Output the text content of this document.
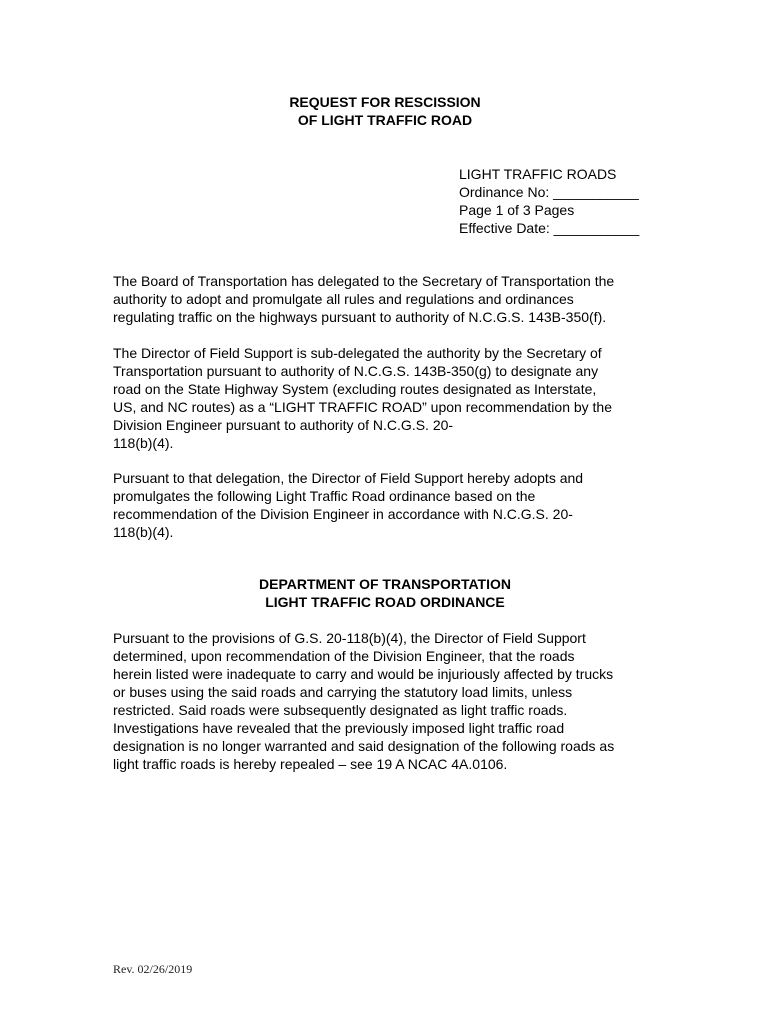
REQUEST FOR RESCISSION
OF LIGHT TRAFFIC ROAD
LIGHT TRAFFIC ROADS
Ordinance No: ___________
Page 1 of 3 Pages
Effective Date: ___________

The Board of Transportation has delegated to the Secretary of Transportation the
authority to adopt and promulgate all rules and regulations and ordinances
regulating traffic on the highways pursuant to authority of N.C.G.S. 143B-350(f).

The Director of Field Support is sub-delegated the authority by the Secretary of
Transportation pursuant to authority of N.C.G.S. 143B-350(g) to designate any
road on the State Highway System (excluding routes designated as Interstate,
US, and NC routes) as a “LIGHT TRAFFIC ROAD” upon recommendation by the
Division Engineer pursuant to authority of N.C.G.S. 20-
118(b)(4).

Pursuant to that delegation, the Director of Field Support hereby adopts and
promulgates the following Light Traffic Road ordinance based on the
recommendation of the Division Engineer in accordance with N.C.G.S. 20-
118(b)(4).

DEPARTMENT OF TRANSPORTATION
LIGHT TRAFFIC ROAD ORDINANCE

Pursuant to the provisions of G.S. 20-118(b)(4), the Director of Field Support
determined, upon recommendation of the Division Engineer, that the roads
herein listed were inadequate to carry and would be injuriously affected by trucks
or buses using the said roads and carrying the statutory load limits, unless
restricted. Said roads were subsequently designated as light traffic roads.
Investigations have revealed that the previously imposed light traffic road
designation is no longer warranted and said designation of the following roads as
light traffic roads is hereby repealed – see 19 A NCAC 4A.0106.

Rev. 02/26/2019
